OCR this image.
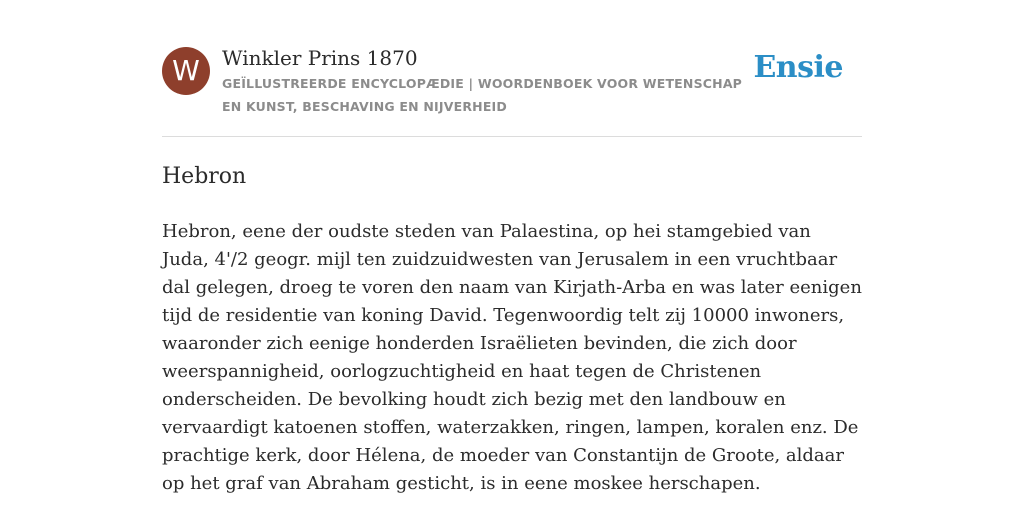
W	Winkler Prins 1870
GEÏLLUSTREERDE ENCYCLOPÆDIE | WOORDENBOEK VOOR WETENSCHAP EN KUNST, BESCHAVING EN NIJVERHEID
Ensie
Hebron
Hebron, eene der oudste steden van Palaestina, op hei stamgebied van Juda, 4'/2 geogr. mijl ten zuidzuidwesten van Jerusalem in een vruchtbaar dal gelegen, droeg te voren den naam van Kirjath-Arba en was later eenigen tijd de residentie van koning David. Tegenwoordig telt zij 10000 inwoners, waaronder zich eenige honderden Israëlieten bevinden, die zich door weerspannigheid, oorlogzuchtigheid en haat tegen de Christenen onderscheiden. De bevolking houdt zich bezig met den landbouw en vervaardigt katoenen stoffen, waterzakken, ringen, lampen, koralen enz. De prachtige kerk, door Hélena, de moeder van Constantijn de Groote, aldaar op het graf van Abraham gesticht, is in eene moskee herschapen.
